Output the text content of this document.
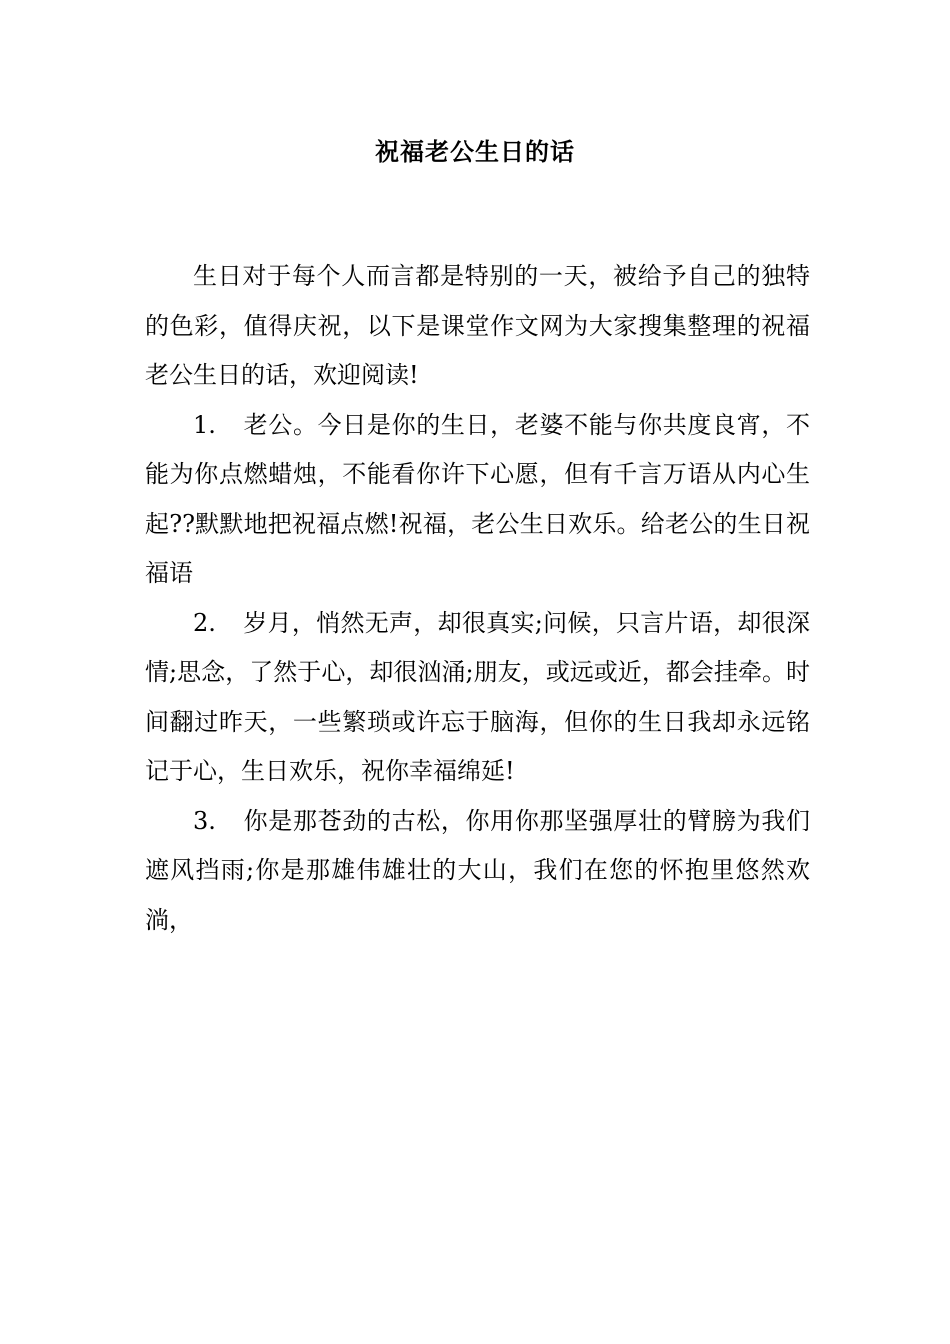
祝福老公生日的话

生日对于每个人而言都是特别的一天，被给予自己的独特的色彩，值得庆祝，以下是课堂作文网为大家搜集整理的祝福老公生日的话，欢迎阅读!

1. 老公。今日是你的生日，老婆不能与你共度良宵，不能为你点燃蜡烛，不能看你许下心愿，但有千言万语从内心生起??默默地把祝福点燃!祝福，老公生日欢乐。给老公的生日祝福语

2. 岁月，悄然无声，却很真实;问候，只言片语，却很深情;思念，了然于心，却很汹涌;朋友，或远或近，都会挂牵。时间翻过昨天，一些繁琐或许忘于脑海，但你的生日我却永远铭记于心，生日欢乐，祝你幸福绵延!

3. 你是那苍劲的古松，你用你那坚强厚壮的臂膀为我们遮风挡雨;你是那雄伟雄壮的大山，我们在您的怀抱里悠然欢淌，
